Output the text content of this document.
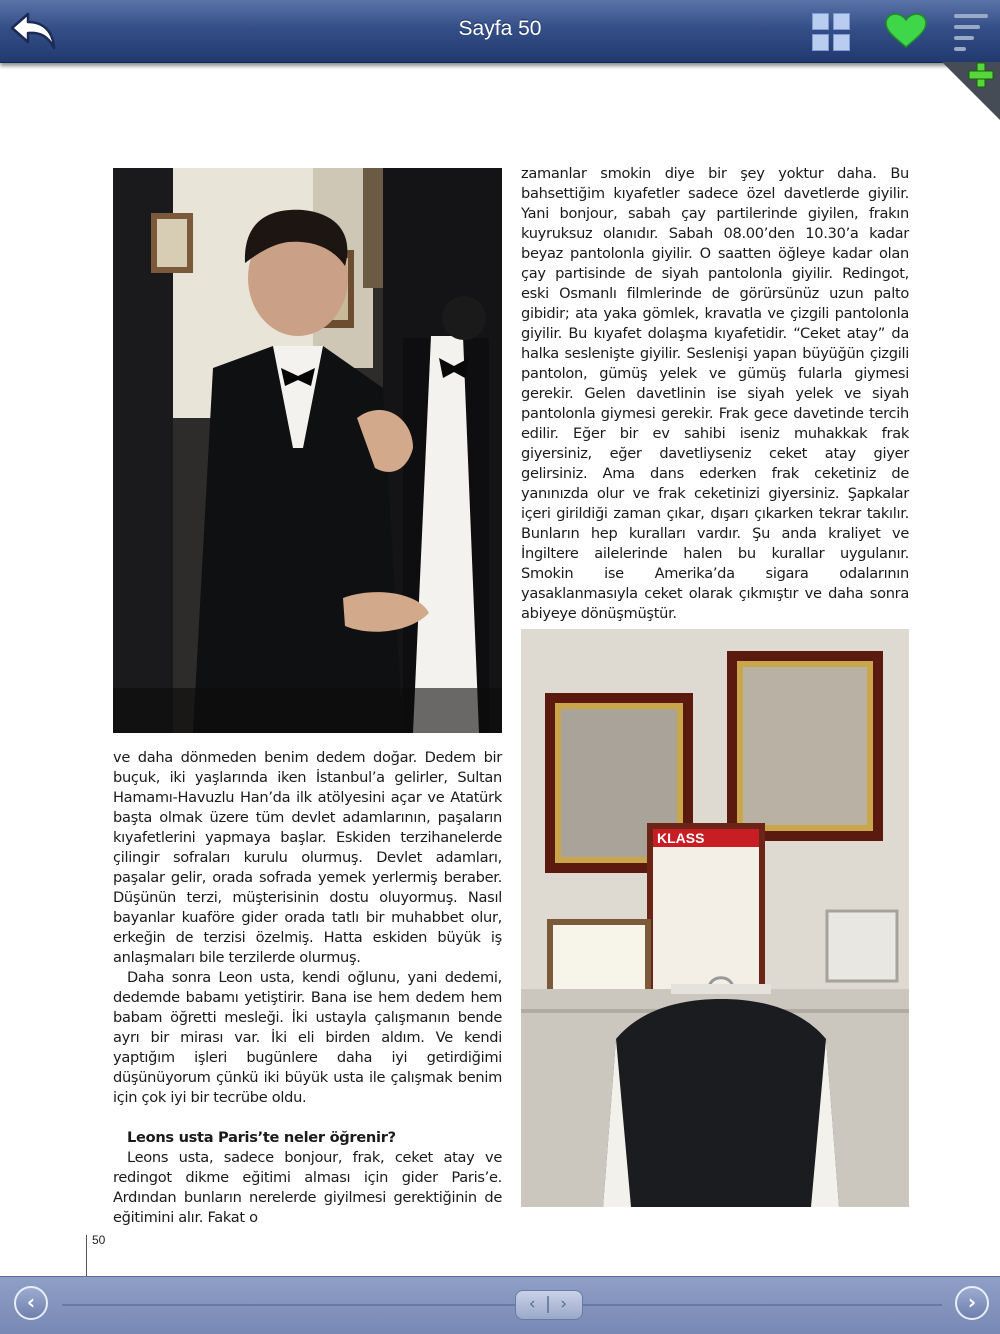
Sayfa 50

zamanlar smokin diye bir şey yoktur daha. Bu bahsettiğim kıyafetler sadece özel davetlerde giyilir. Yani bonjour, sabah çay partilerinde giyilen, frakın kuyruksuz olanıdır. Sabah 08.00’den 10.30’a kadar beyaz pantolonla giyilir. O saatten öğleye kadar olan çay partisinde de siyah pantolonla giyilir. Redingot, eski Osmanlı filmlerinde de görürsünüz uzun palto gibidir; ata yaka gömlek, kravatla ve çizgili pantolonla giyilir. Bu kıyafet dolaşma kıyafetidir. “Ceket atay” da halka seslenişte giyilir. Seslenişi yapan büyüğün çizgili pantolon, gümüş yelek ve gümüş fularla giymesi gerekir. Gelen davetlinin ise siyah yelek ve siyah pantolonla giymesi gerekir. Frak gece davetinde tercih edilir. Eğer bir ev sahibi iseniz muhakkak frak giyersiniz, eğer davetliyseniz ceket atay giyer gelirsiniz. Ama dans ederken frak ceketiniz de yanınızda olur ve frak ceketinizi giyersiniz. Şapkalar içeri girildiği zaman çıkar, dışarı çıkarken tekrar takılır. Bunların hep kuralları vardır. Şu anda kraliyet ve İngiltere ailelerinde halen bu kurallar uygulanır. Smokin ise Amerika’da sigara odalarının yasaklanmasıyla ceket olarak çıkmıştır ve daha sonra abiyeye dönüşmüştür.

KLASS

ve daha dönmeden benim dedem doğar. Dedem bir buçuk, iki yaşlarında iken İstanbul’a gelirler, Sultan Hamamı-Havuzlu Han’da ilk atölyesini açar ve Atatürk başta olmak üzere tüm devlet adamlarının, paşaların kıyafetlerini yapmaya başlar. Eskiden terzihanelerde çilingir sofraları kurulu olurmuş. Devlet adamları, paşalar gelir, orada sofrada yemek yerlermiş beraber. Düşünün terzi, müşterisinin dostu oluyormuş. Nasıl bayanlar kuaföre gider orada tatlı bir muhabbet olur, erkeğin de terzisi özelmiş. Hatta eskiden büyük iş anlaşmaları bile terzilerde olurmuş.

Daha sonra Leon usta, kendi oğlunu, yani dedemi, dedemde babamı yetiştirir. Bana ise hem dedem hem babam öğretti mesleği. İki ustayla çalışmanın bende ayrı bir mirası var. İki eli birden aldım. Ve kendi yaptığım işleri bugünlere daha iyi getirdiğimi düşünüyorum çünkü iki büyük usta ile çalışmak benim için çok iyi bir tecrübe oldu.

Leons usta Paris’te neler öğrenir?

Leons usta, sadece bonjour, frak, ceket atay ve redingot dikme eğitimi alması için gider Paris’e. Ardından bunların nerelerde giyilmesi gerektiğinin de eğitimini alır. Fakat o

50
‹	‹ | ›	›
